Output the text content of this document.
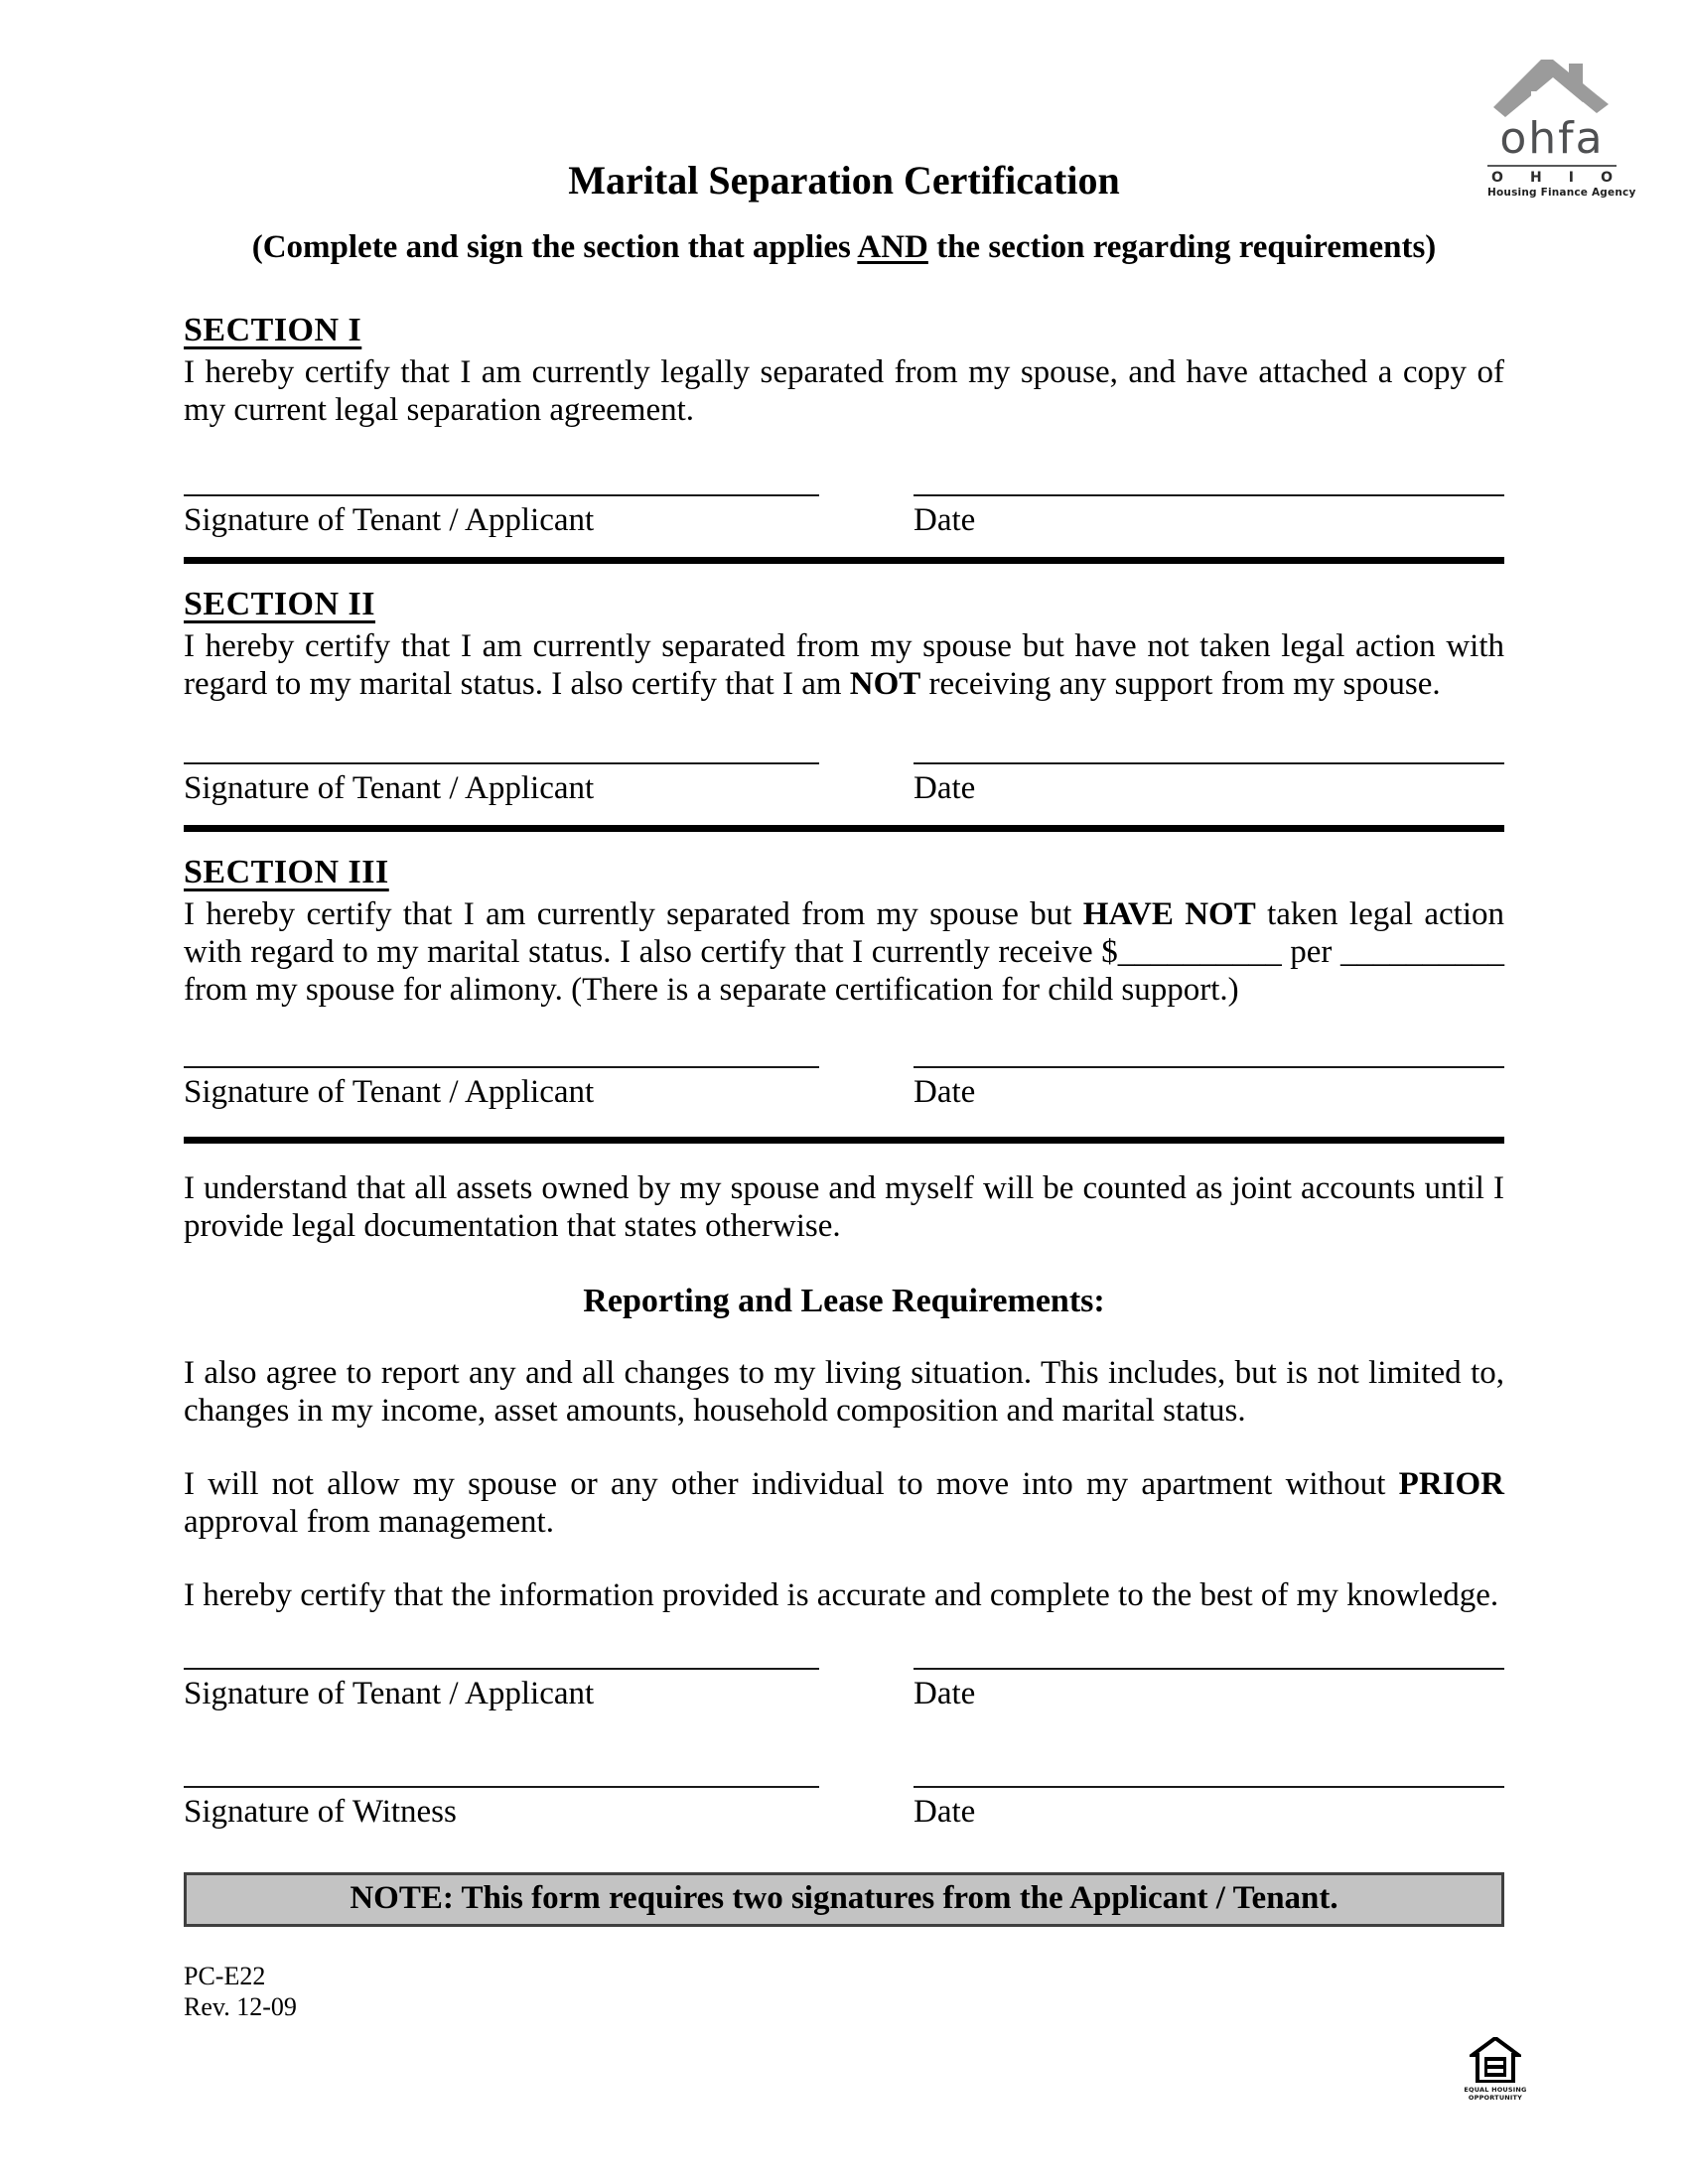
ohfa
O H I O
Housing Finance Agency
Marital Separation Certification
(Complete and sign the section that applies AND the section regarding requirements)
SECTION I

I hereby certify that I am currently legally separated from my spouse, and have attached a copy of my current legal separation agreement.

Signature of Tenant / Applicant	Date
SECTION II

I hereby certify that I am currently separated from my spouse but have not taken legal action with regard to my marital status. I also certify that I am NOT receiving any support from my spouse.

Signature of Tenant / Applicant	Date
SECTION III

I hereby certify that I am currently separated from my spouse but HAVE NOT taken legal action with regard to my marital status. I also certify that I currently receive $__________ per __________ from my spouse for alimony. (There is a separate certification for child support.)

Signature of Tenant / Applicant	Date

I understand that all assets owned by my spouse and myself will be counted as joint accounts until I provide legal documentation that states otherwise.

Reporting and Lease Requirements:

I also agree to report any and all changes to my living situation. This includes, but is not limited to, changes in my income, asset amounts, household composition and marital status.

I will not allow my spouse or any other individual to move into my apartment without PRIOR approval from management.

I hereby certify that the information provided is accurate and complete to the best of my knowledge.

Signature of Tenant / Applicant	Date
Signature of Witness	Date
NOTE: This form requires two signatures from the Applicant / Tenant.
PC-E22
Rev. 12-09
EQUAL HOUSING
OPPORTUNITY
